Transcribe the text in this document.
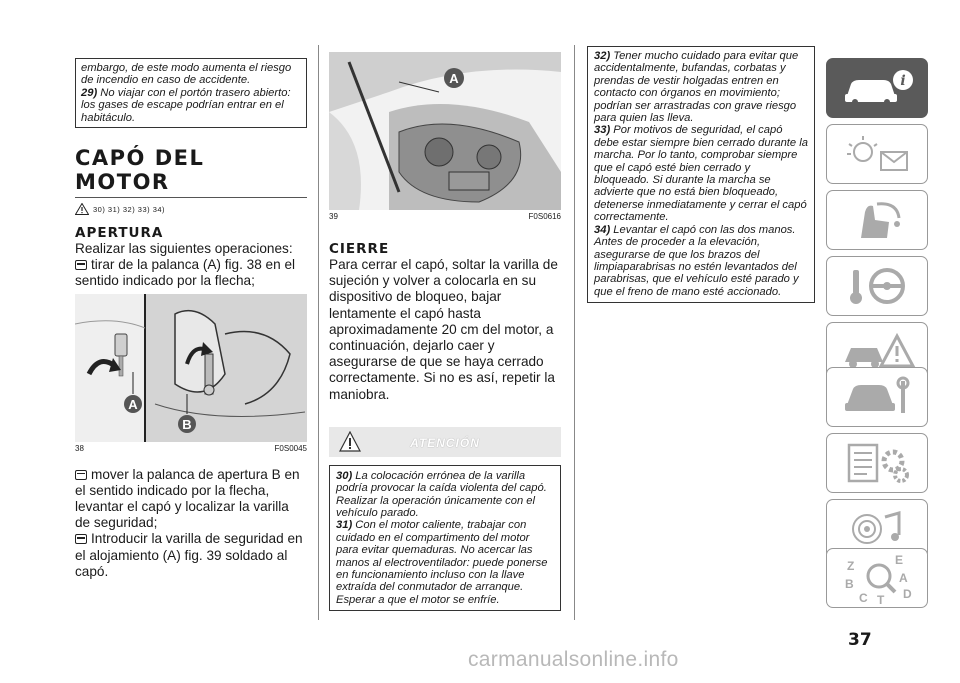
embargo, de este modo aumenta el riesgo de incendio en caso de accidente.

29) No viajar con el portón trasero abierto: los gases de escape podrían entrar en el habitáculo.

CAPÓ DEL MOTOR
30) 31) 32) 33) 34)
APERTURA

Realizar las siguientes operaciones:

tirar de la palanca (A) fig. 38 en el sentido indicado por la flecha;

A
B
38	F0S0045

mover la palanca de apertura B en el sentido indicado por la flecha, levantar el capó y localizar la varilla de seguridad;

Introducir la varilla de seguridad en el alojamiento (A) fig. 39 soldado al capó.

A
39	F0S0616
CIERRE

Para cerrar el capó, soltar la varilla de sujeción y volver a colocarla en su dispositivo de bloqueo, bajar lentamente el capó hasta aproximadamente 20 cm del motor, a continuación, dejarlo caer y asegurarse de que se haya cerrado correctamente. Si no es así, repetir la maniobra.

ATENCIÓN

30) La colocación errónea de la varilla podría provocar la caída violenta del capó. Realizar la operación únicamente con el vehículo parado.

31) Con el motor caliente, trabajar con cuidado en el compartimento del motor para evitar quemaduras. No acercar las manos al electroventilador: puede ponerse en funcionamiento incluso con la llave extraída del conmutador de arranque. Esperar a que el motor se enfríe.

32) Tener mucho cuidado para evitar que accidentalmente, bufandas, corbatas y prendas de vestir holgadas entren en contacto con órganos en movimiento; podrían ser arrastradas con grave riesgo para quien las lleva.

33) Por motivos de seguridad, el capó debe estar siempre bien cerrado durante la marcha. Por lo tanto, comprobar siempre que el capó esté bien cerrado y bloqueado. Si durante la marcha se advierte que no está bien bloqueado, detenerse inmediatamente y cerrar el capó correctamente.

34) Levantar el capó con las dos manos. Antes de proceder a la elevación, asegurarse de que los brazos del limpiaparabrisas no estén levantados del parabrisas, que el vehículo esté parado y que el freno de mano esté accionado.

i
Z	E
A
B
D
C T
37
carmanualsonline.info
